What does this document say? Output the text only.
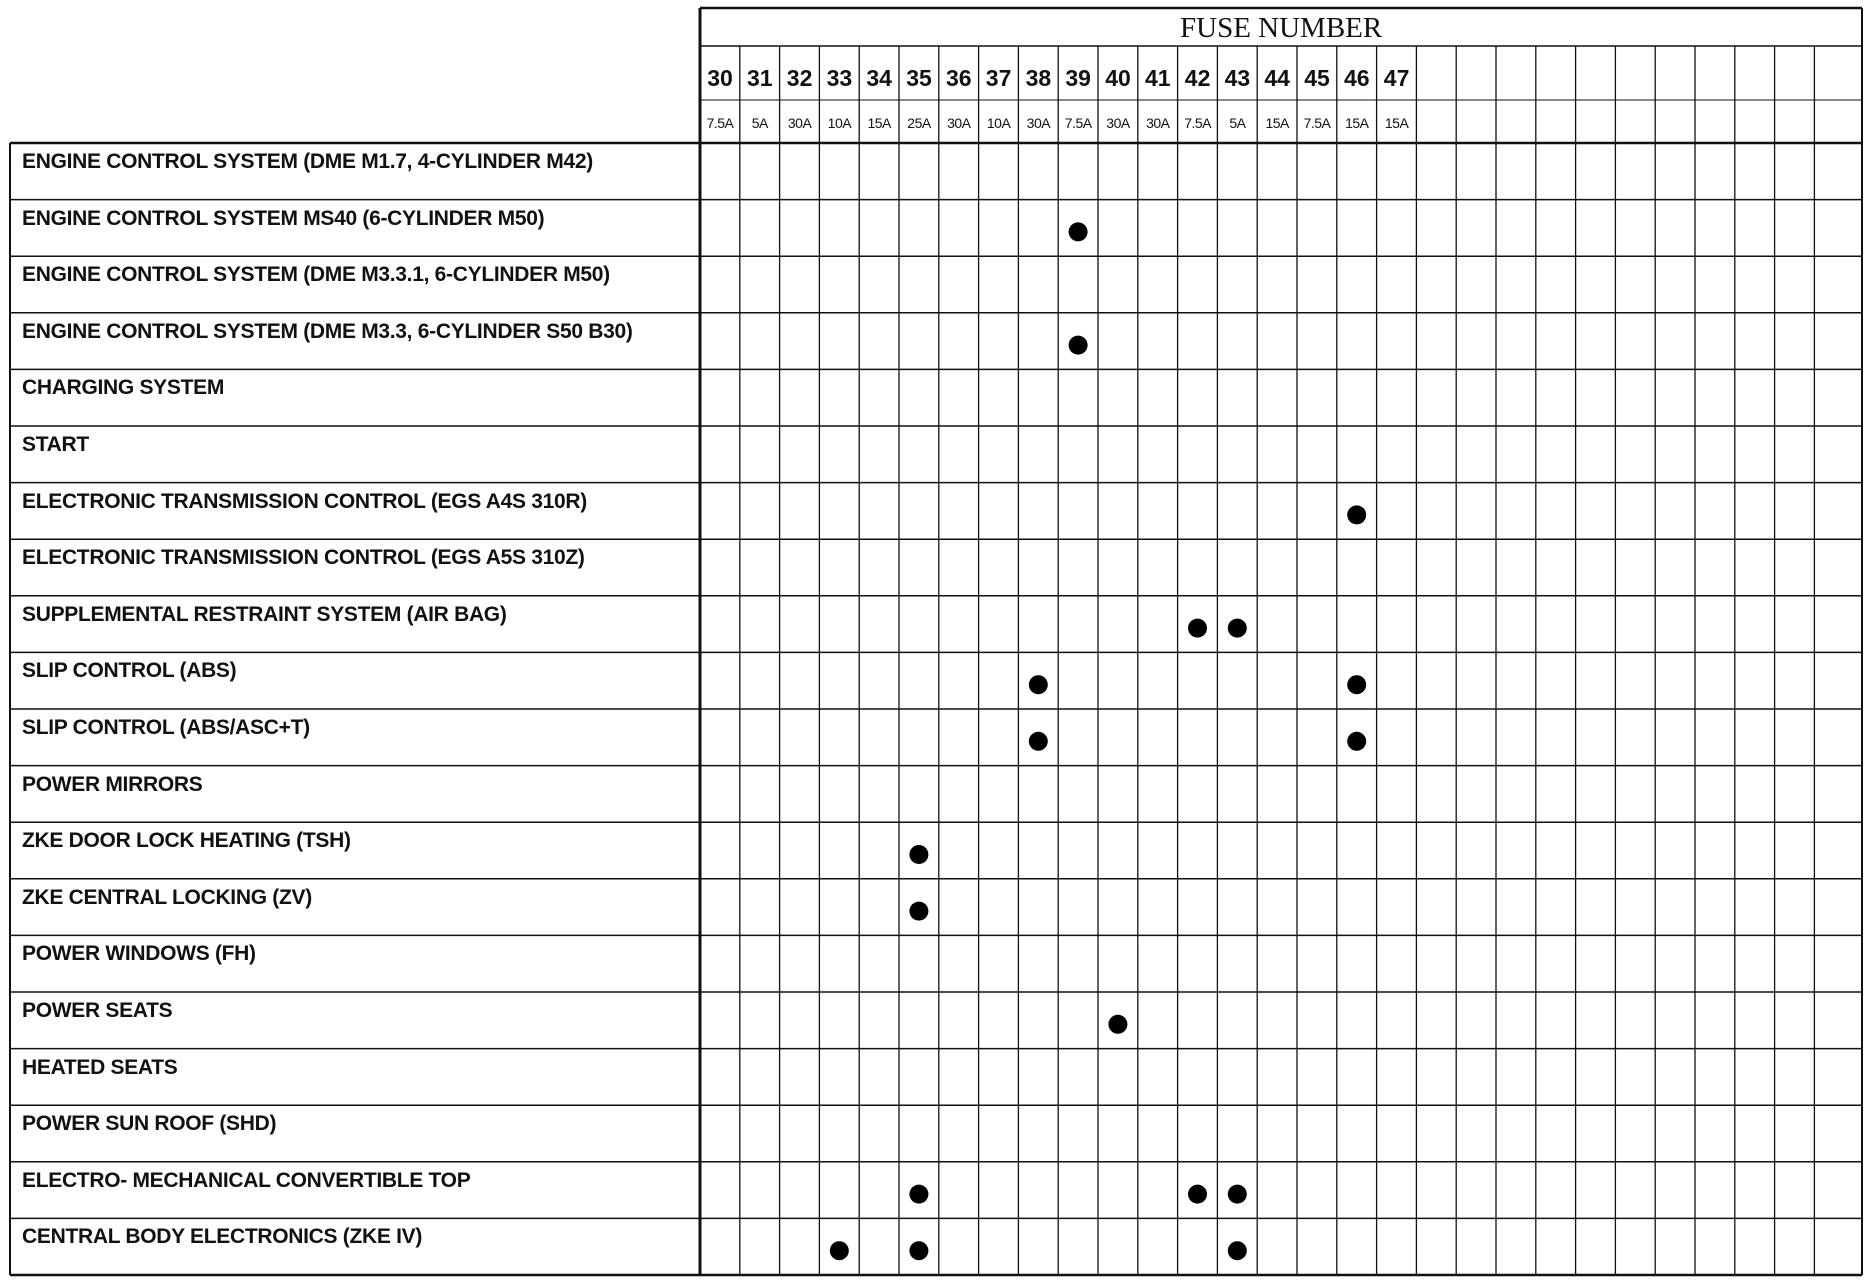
ENGINE CONTROL SYSTEM (DME M1.7, 4-CYLINDER M42)
ENGINE CONTROL SYSTEM MS40 (6-CYLINDER M50)
ENGINE CONTROL SYSTEM (DME M3.3.1, 6-CYLINDER M50)
ENGINE CONTROL SYSTEM (DME M3.3, 6-CYLINDER S50 B30)
CHARGING SYSTEM
START
ELECTRONIC TRANSMISSION CONTROL (EGS A4S 310R)
ELECTRONIC TRANSMISSION CONTROL (EGS A5S 310Z)
SUPPLEMENTAL RESTRAINT SYSTEM (AIR BAG)
SLIP CONTROL (ABS)
SLIP CONTROL (ABS/ASC+T)
POWER MIRRORS
ZKE DOOR LOCK HEATING (TSH)
ZKE CENTRAL LOCKING (ZV)
POWER WINDOWS (FH)
POWER SEATS
HEATED SEATS
POWER SUN ROOF (SHD)
ELECTRO- MECHANICAL CONVERTIBLE TOP
CENTRAL BODY ELECTRONICS (ZKE IV)
FUSE NUMBER
30
7.5A
31
5A
32
30A
33
10A
34
15A
35
25A
36
30A
37
10A
38
30A
39
7.5A
40
30A
41
30A
42
7.5A
43
5A
44
15A
45
7.5A
46
15A
47
15A
